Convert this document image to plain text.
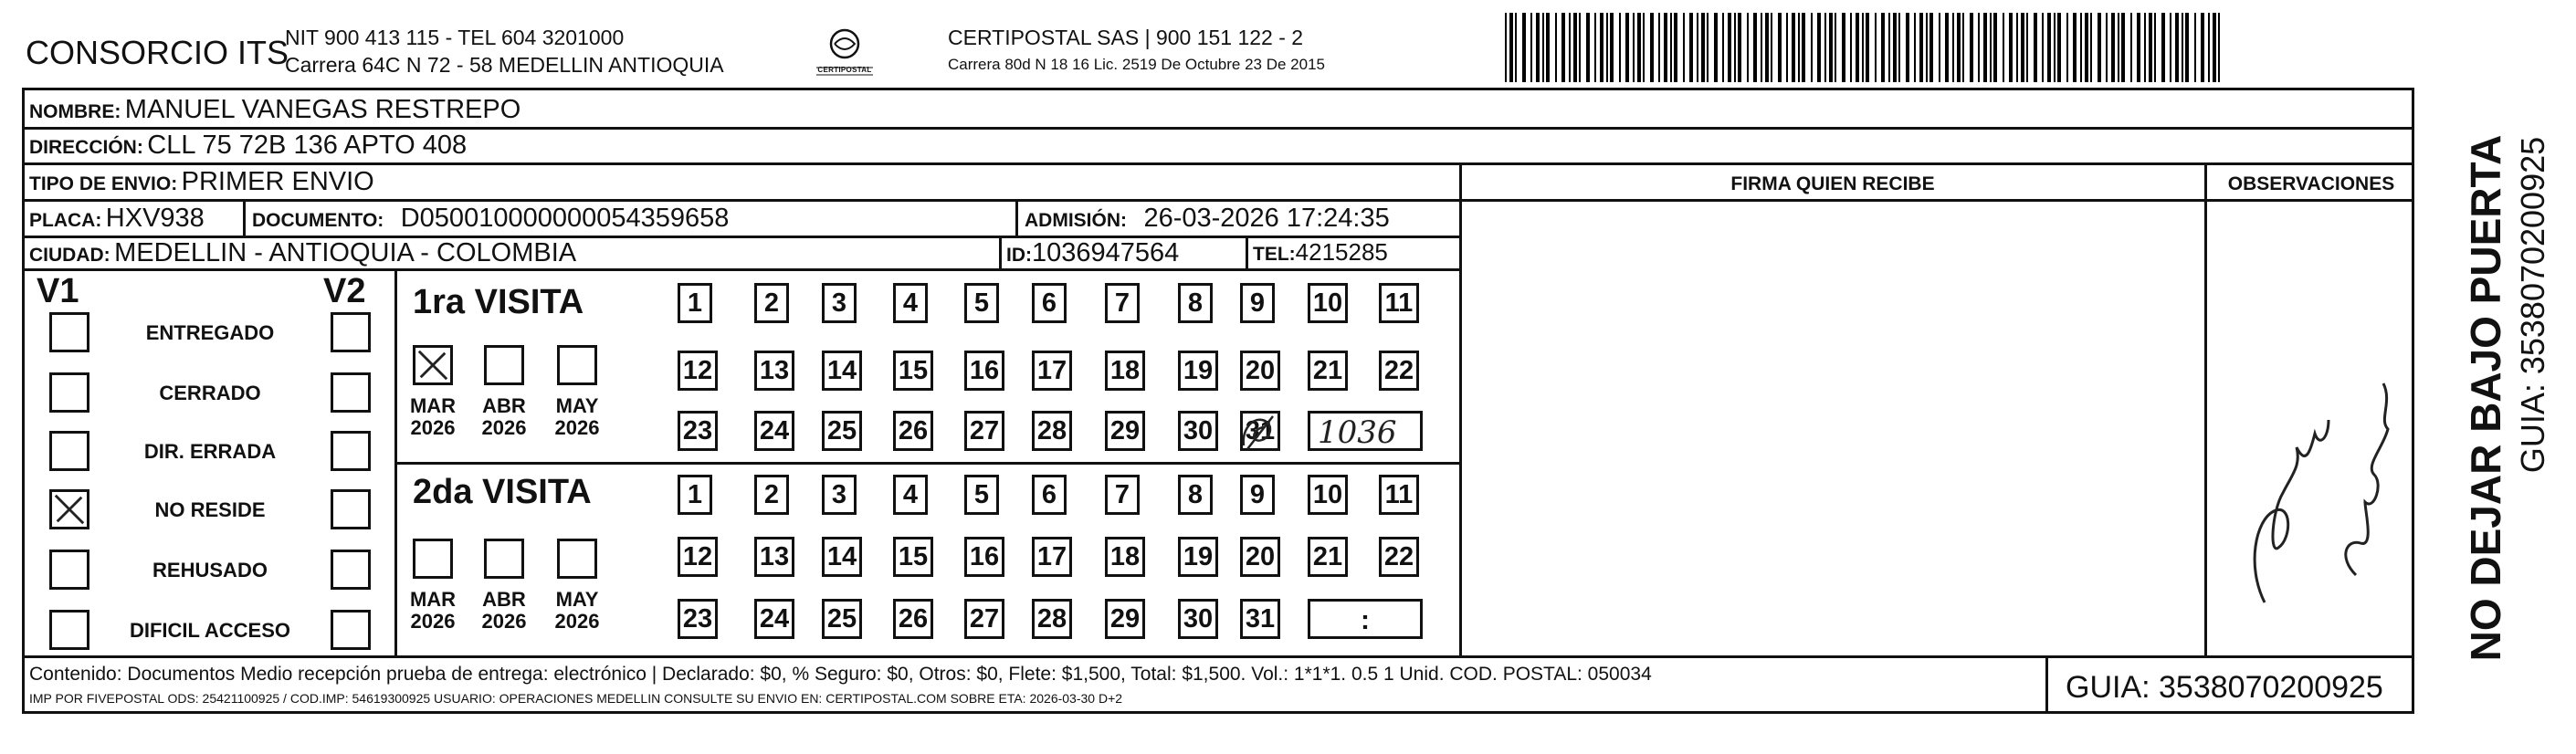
CONSORCIO ITS
NIT 900 413 115 - TEL 604 3201000
Carrera 64C N 72 - 58 MEDELLIN ANTIOQUIA	CERTIPOSTAL
CERTIPOSTAL SAS | 900 151 122 - 2
Carrera 80d N 18 16 Lic. 2519 De Octubre 23 De 2015
NOMBRE: MANUEL VANEGAS RESTREPO
DIRECCIÓN: CLL 75 72B 136 APTO 408
TIPO DE ENVIO: PRIMER ENVIO	FIRMA QUIEN RECIBE	OBSERVACIONES
PLACA: HXV938 DOCUMENTO: D050010000000054359658	ADMISIÓN: 26-03-2026 17:24:35
CIUDAD: MEDELLIN - ANTIOQUIA - COLOMBIA	ID:1036947564	TEL:4215285
V1	V2
ENTREGADO
CERRADO
DIR. ERRADA
NO RESIDE
REHUSADO
DIFICIL ACCESO
1ra VISITA
MAR
2026
ABR
2026
MAY
2026
1	2	3	4	5	6	7	8	9	10 11
12 13 14 15 16 17 18 19 20 21 22
23 24 25 26 27 28 29 30 31 1036
2da VISITA
MAR
2026
ABR
2026
MAY
2026
1	2	3	4	5	6	7	8	9	10 11
12 13 14 15 16 17 18 19 20 21 22
23 24 25 26 27 28 29 30 31	:	NO DEJAR BAJO PUERTA GUIA: 3538070200925
Contenido: Documentos Medio recepción prueba de entrega: electrónico | Declarado: $0, % Seguro: $0, Otros: $0, Flete: $1,500, Total: $1,500. Vol.: 1*1*1. 0.5 1 Unid. COD. POSTAL: 050034
IMP POR FIVEPOSTAL ODS: 25421100925 / COD.IMP: 54619300925 USUARIO: OPERACIONES MEDELLIN CONSULTE SU ENVIO EN: CERTIPOSTAL.COM SOBRE ETA: 2026-03-30 D+2	GUIA: 3538070200925
